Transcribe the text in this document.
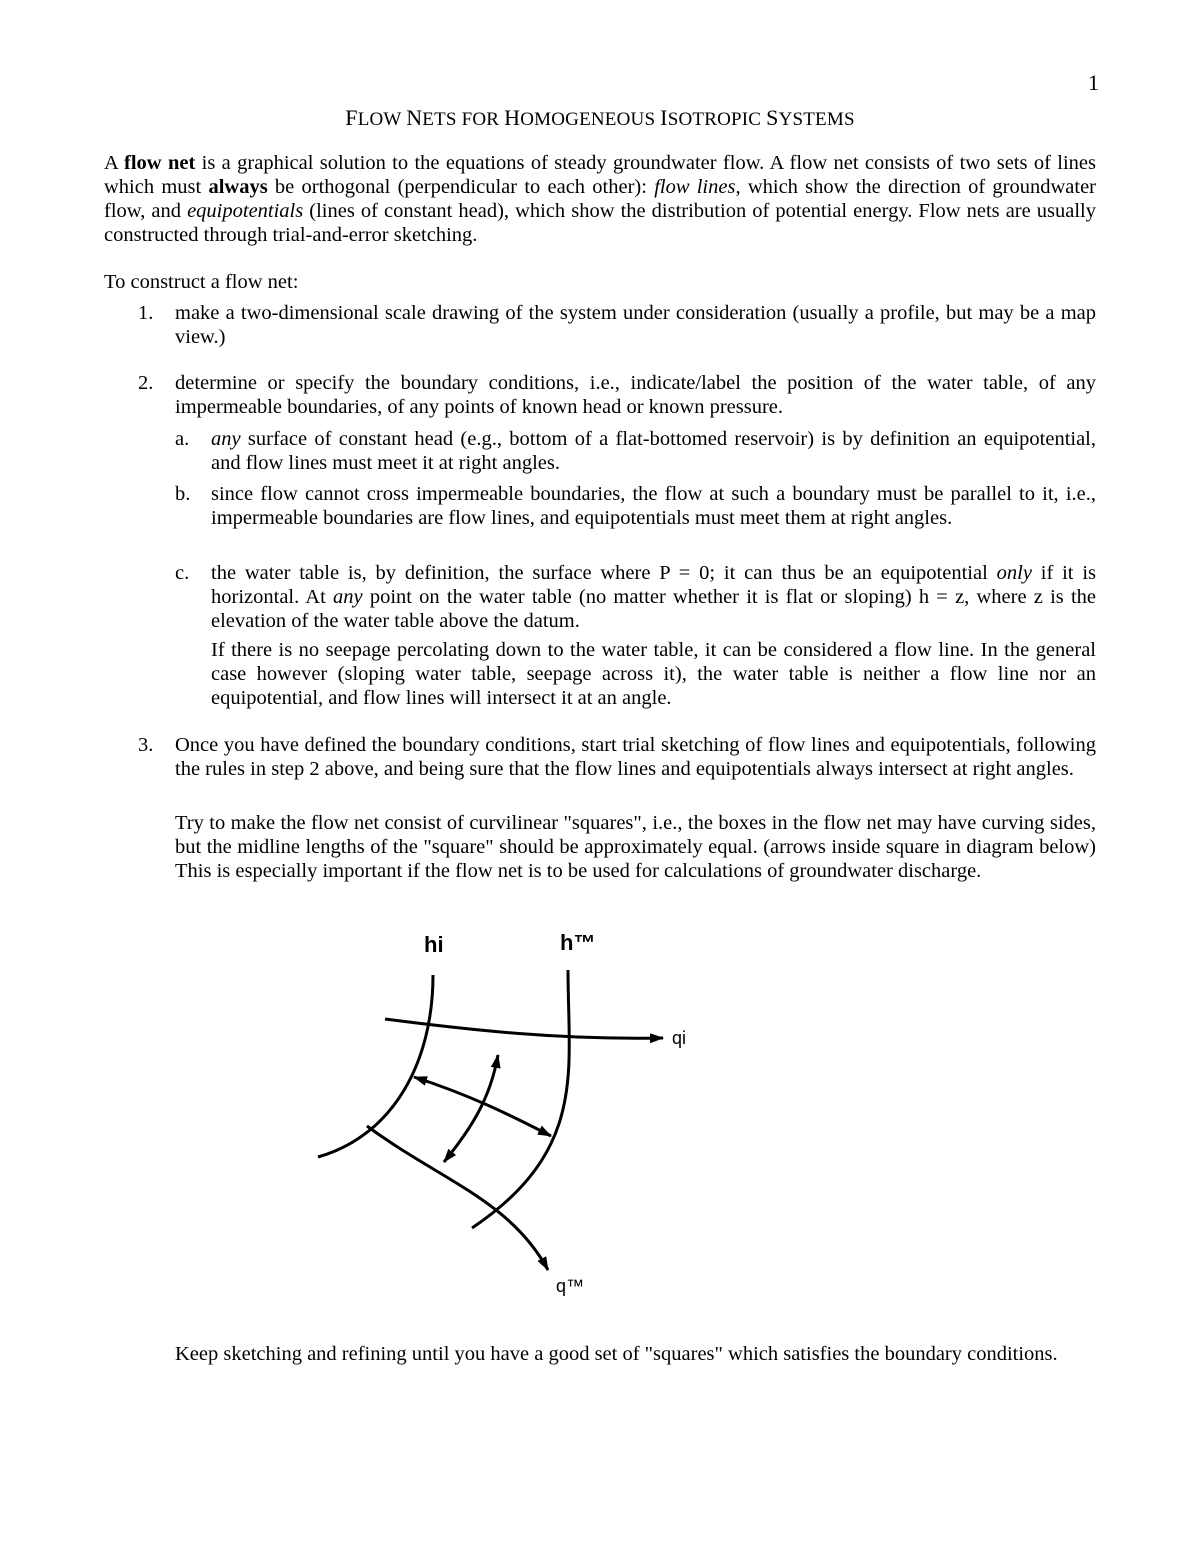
1
FLOW NETS FOR HOMOGENEOUS ISOTROPIC SYSTEMS
A flow net is a graphical solution to the equations of steady groundwater flow. A flow net consists of two sets of lines which must always be orthogonal (perpendicular to each other): flow lines, which show the direction of groundwater flow, and equipotentials (lines of constant head), which show the distribution of potential energy. Flow nets are usually constructed through trial-and-error sketching.
To construct a flow net:
1. make a two-dimensional scale drawing of the system under consideration (usually a profile, but may be a map view.)
2. determine or specify the boundary conditions, i.e., indicate/label the position of the water table, of any impermeable boundaries, of any points of known head or known pressure.
a. any surface of constant head (e.g., bottom of a flat-bottomed reservoir) is by definition an equipotential, and flow lines must meet it at right angles.
b. since flow cannot cross impermeable boundaries, the flow at such a boundary must be parallel to it, i.e., impermeable boundaries are flow lines, and equipotentials must meet them at right angles.
c. the water table is, by definition, the surface where P = 0; it can thus be an equipotential only if it is horizontal. At any point on the water table (no matter whether it is flat or sloping) h = z, where z is the elevation of the water table above the datum.
If there is no seepage percolating down to the water table, it can be considered a flow line. In the general case however (sloping water table, seepage across it), the water table is neither a flow line nor an equipotential, and flow lines will intersect it at an angle.
3. Once you have defined the boundary conditions, start trial sketching of flow lines and equipotentials, following the rules in step 2 above, and being sure that the flow lines and equipotentials always intersect at right angles.
Try to make the flow net consist of curvilinear "squares", i.e., the boxes in the flow net may have curving sides, but the midline lengths of the "square" should be approximately equal. (arrows inside square in diagram below) This is especially important if the flow net is to be used for calculations of groundwater discharge.
hi	h™
qi
q™
Keep sketching and refining until you have a good set of "squares" which satisfies the boundary conditions.
